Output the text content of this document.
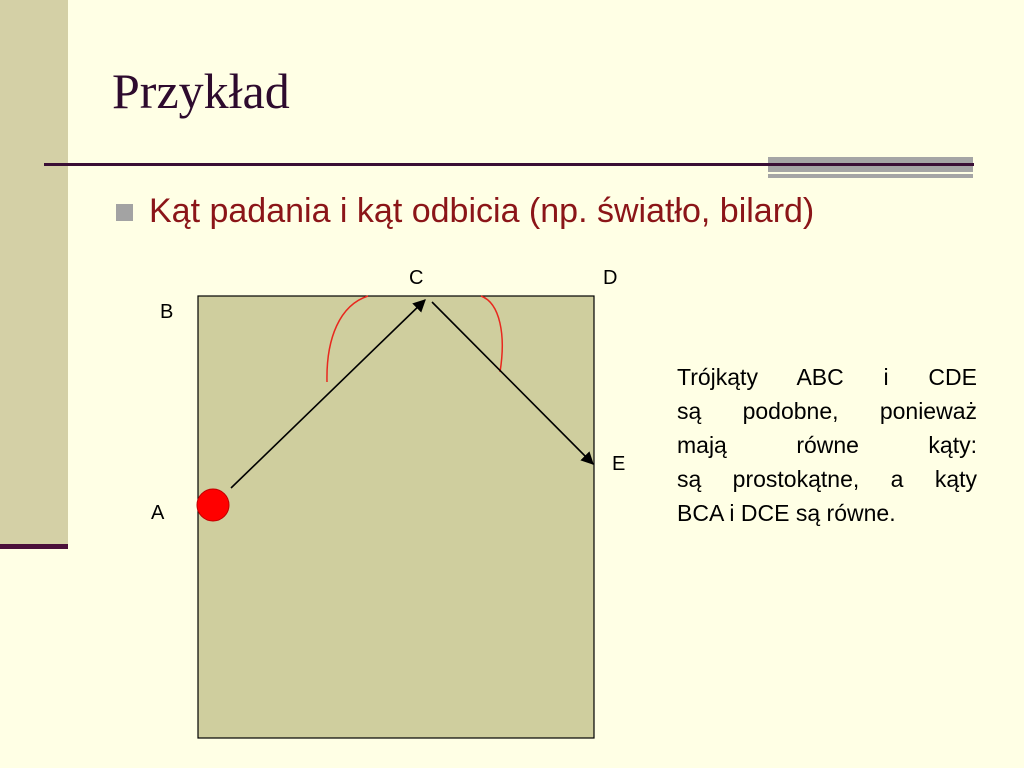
Przykład
Kąt padania i kąt odbicia (np. światło, bilard)
B
C	D
E
A
Trójkąty ABC i CDE
są podobne, ponieważ
mają równe kąty:
są prostokątne, a kąty
BCA i DCE są równe.
